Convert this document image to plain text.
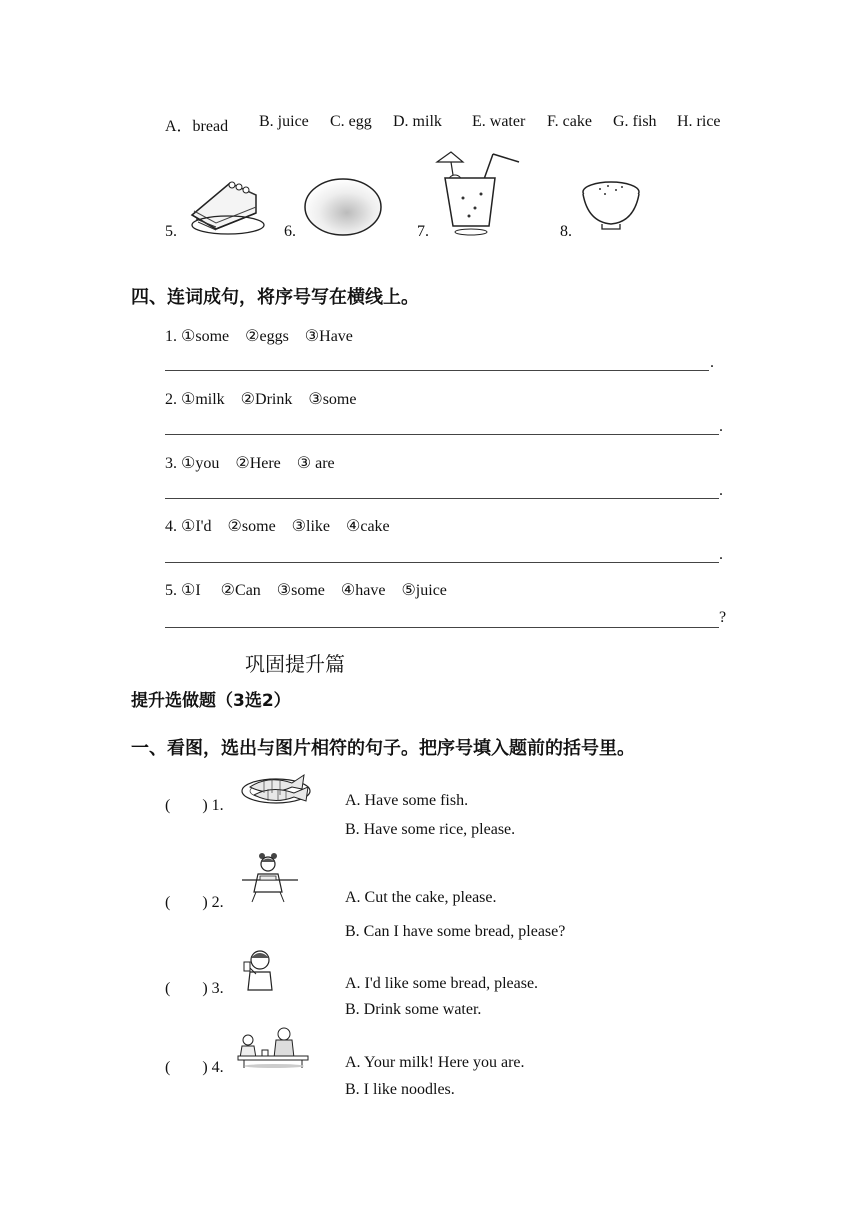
A．bread B. juice C. egg D. milk E. water F. cake G. fish H. rice
5.	6.	7.	8.
四、连词成句，将序号写在横线上。
1. ①some　②eggs　③Have
.
2. ①milk　②Drink　③some
.
3. ①you　②Here　③ are
.
4. ①I'd　②some　③like　④cake
.
5. ①I　 ②Can　③some　④have　⑤juice
?
巩固提升篇
提升选做题（3选2）
一、看图，选出与图片相符的句子。把序号填入题前的括号里。
(　　) 1.	A. Have some fish.
B. Have some rice, please.
(　　) 2.	A. Cut the cake, please.
B. Can I have some bread, please?
(　　) 3.	A. I'd like some bread, please.
B. Drink some water.
(　　) 4.	A. Your milk! Here you are.
B. I like noodles.
